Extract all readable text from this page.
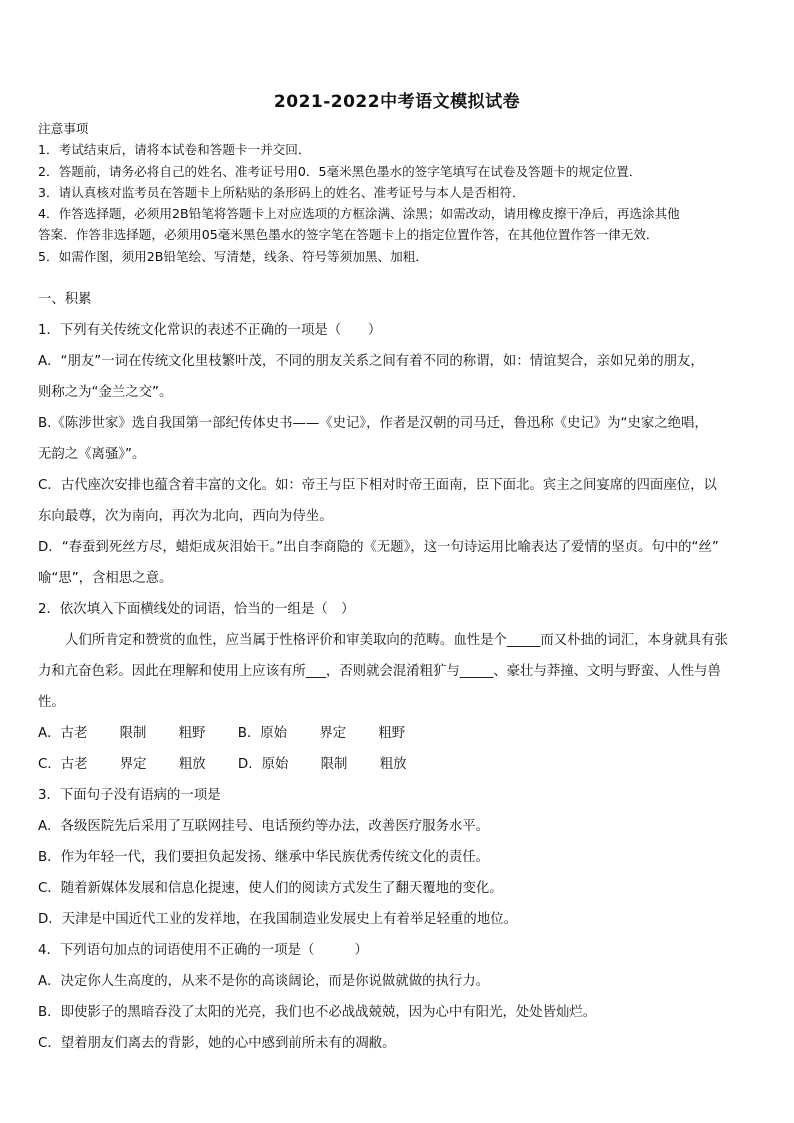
2021-2022中考语文模拟试卷
注意事项
1．考试结束后，请将本试卷和答题卡一并交回．
2．答题前，请务必将自己的姓名、准考证号用0．5毫米黑色墨水的签字笔填写在试卷及答题卡的规定位置．
3．请认真核对监考员在答题卡上所粘贴的条形码上的姓名、准考证号与本人是否相符．
4．作答选择题，必须用2B铅笔将答题卡上对应选项的方框涂满、涂黑；如需改动，请用橡皮擦干净后，再选涂其他
答案．作答非选择题，必须用05毫米黑色墨水的签字笔在答题卡上的指定位置作答，在其他位置作答一律无效．
5．如需作图，须用2B铅笔绘、写清楚，线条、符号等须加黑、加粗．
一、积累
1．下列有关传统文化常识的表述不正确的一项是（　　）
A．“朋友”一词在传统文化里枝繁叶茂，不同的朋友关系之间有着不同的称谓，如：情谊契合，亲如兄弟的朋友，
则称之为“金兰之交”。
B.《陈涉世家》选自我国第一部纪传体史书——《史记》，作者是汉朝的司马迁，鲁迅称《史记》为“史家之绝唱，
无韵之《离骚》”。
C．古代座次安排也蕴含着丰富的文化。如：帝王与臣下相对时帝王面南，臣下面北。宾主之间宴席的四面座位，以
东向最尊，次为南向，再次为北向，西向为侍坐。
D．“春蚕到死丝方尽，蜡炬成灰泪始干。”出自李商隐的《无题》，这一句诗运用比喻表达了爱情的坚贞。句中的“丝”
喻“思”，含相思之意。
2．依次填入下面横线处的词语，恰当的一组是（　）
人们所肯定和赞赏的血性，应当属于性格评价和审美取向的范畴。血性是个_____而又朴拙的词汇，本身就具有张
力和亢奋色彩。因此在理解和使用上应该有所___，否则就会混淆粗犷与_____、豪壮与莽撞、文明与野蛮、人性与兽
性。
A．古老 限制 粗野 B．原始 界定 粗野
C．古老 界定 粗放 D．原始 限制 粗放
3．下面句子没有语病的一项是
A．各级医院先后采用了互联网挂号、电话预约等办法，改善医疗服务水平。
B．作为年轻一代，我们要担负起发扬、继承中华民族优秀传统文化的责任。
C．随着新媒体发展和信息化提速，使人们的阅读方式发生了翻天覆地的变化。
D．天津是中国近代工业的发祥地，在我国制造业发展史上有着举足轻重的地位。
4．下列语句加点的词语使用不正确的一项是（　　　）
A．决定你人生高度的，从来不是你的高谈阔论，而是你说做就做的执行力。
B．即使影子的黑暗吞没了太阳的光亮，我们也不必战战兢兢，因为心中有阳光，处处皆灿烂。
C．望着朋友们离去的背影，她的心中感到前所未有的凋敝。
